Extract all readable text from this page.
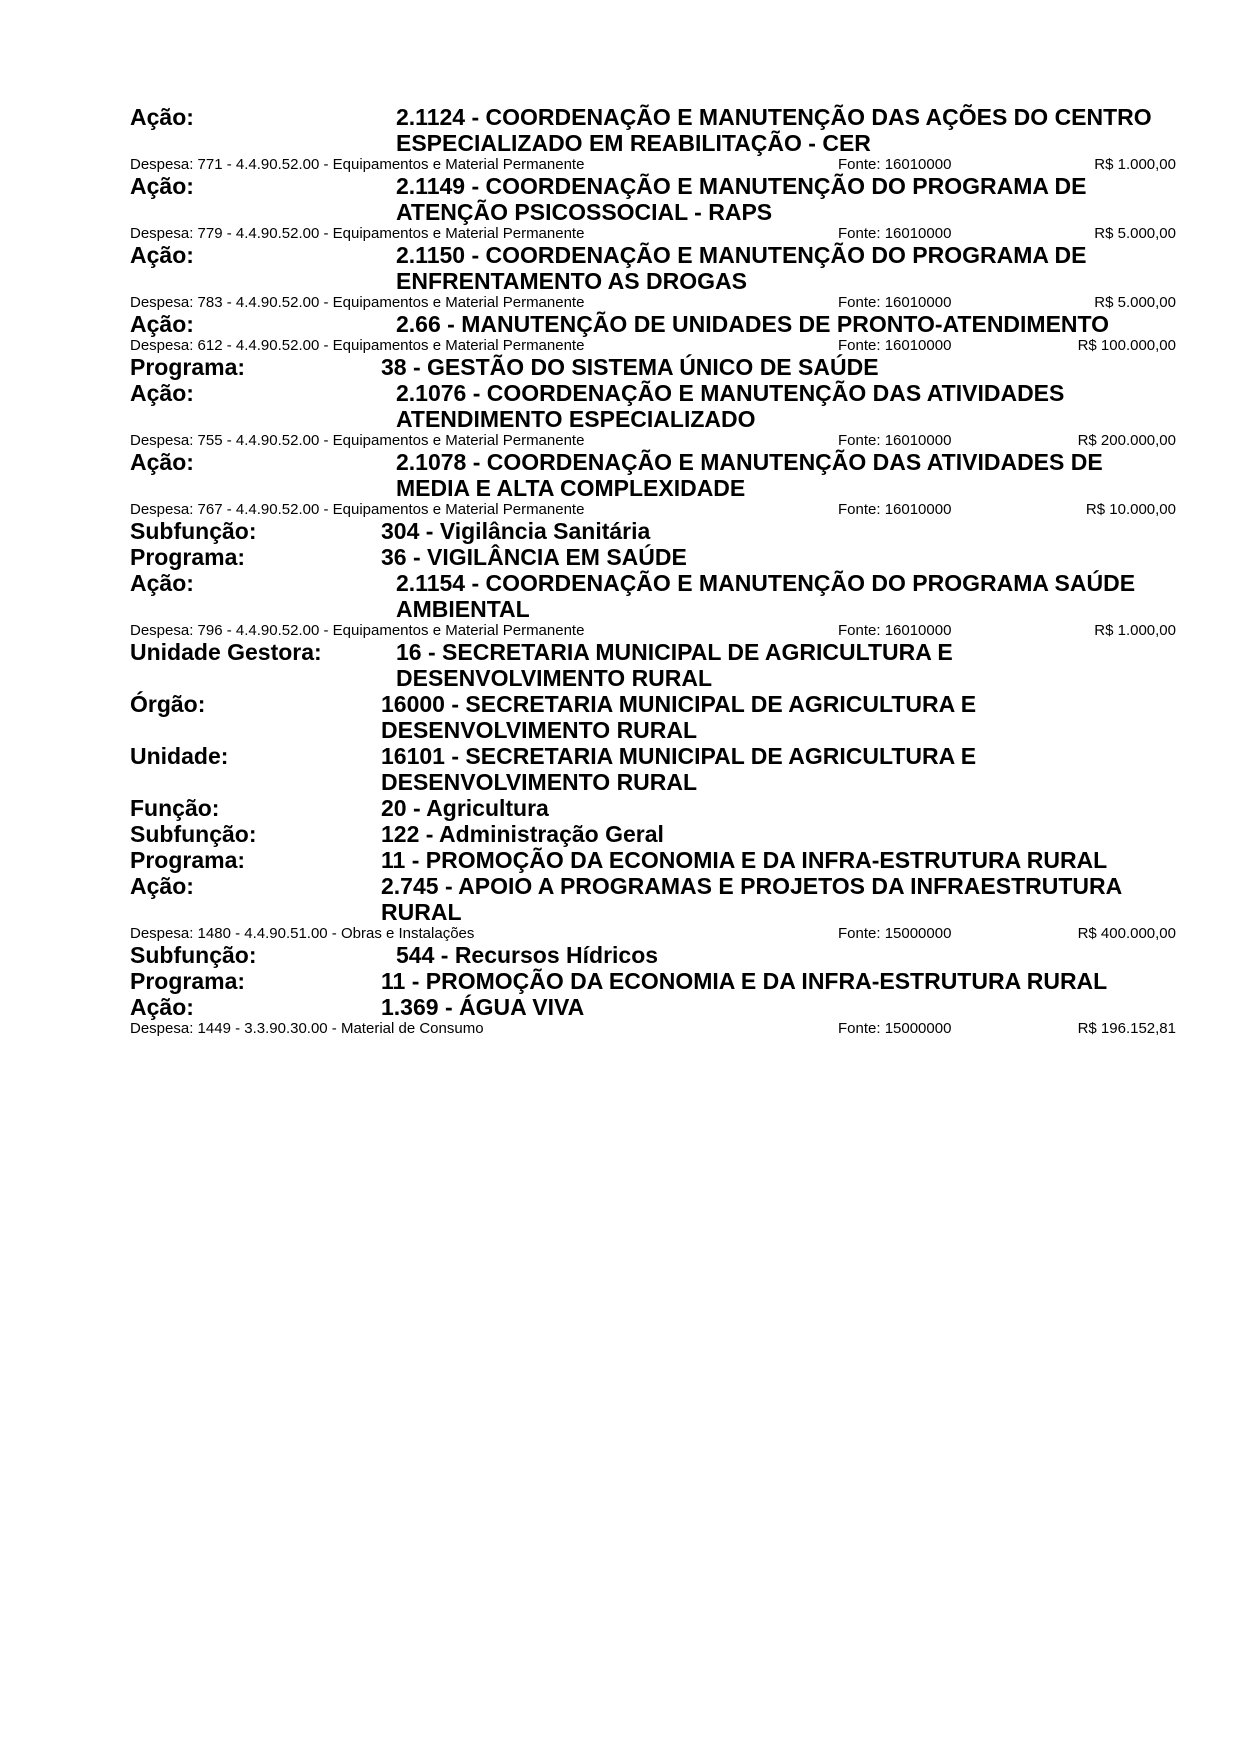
Ação:	2.1124 - COORDENAÇÃO E MANUTENÇÃO DAS AÇÕES DO CENTRO ESPECIALIZADO EM REABILITAÇÃO - CER
Despesa: 771 - 4.4.90.52.00 - Equipamentos e Material Permanente	Fonte: 16010000	R$ 1.000,00
Ação:	2.1149 - COORDENAÇÃO E MANUTENÇÃO DO PROGRAMA DE ATENÇÃO PSICOSSOCIAL - RAPS
Despesa: 779 - 4.4.90.52.00 - Equipamentos e Material Permanente	Fonte: 16010000	R$ 5.000,00
Ação:	2.1150 - COORDENAÇÃO E MANUTENÇÃO DO PROGRAMA DE ENFRENTAMENTO AS DROGAS
Despesa: 783 - 4.4.90.52.00 - Equipamentos e Material Permanente	Fonte: 16010000	R$ 5.000,00
Ação:	2.66 - MANUTENÇÃO DE UNIDADES DE PRONTO-ATENDIMENTO
Despesa: 612 - 4.4.90.52.00 - Equipamentos e Material Permanente	Fonte: 16010000	R$ 100.000,00
Programa:	38 - GESTÃO DO SISTEMA ÚNICO DE SAÚDE
Ação:	2.1076 - COORDENAÇÃO E MANUTENÇÃO DAS ATIVIDADES ATENDIMENTO ESPECIALIZADO
Despesa: 755 - 4.4.90.52.00 - Equipamentos e Material Permanente	Fonte: 16010000	R$ 200.000,00
Ação:	2.1078 - COORDENAÇÃO E MANUTENÇÃO DAS ATIVIDADES DE MEDIA E ALTA COMPLEXIDADE
Despesa: 767 - 4.4.90.52.00 - Equipamentos e Material Permanente	Fonte: 16010000	R$ 10.000,00
Subfunção:	304 - Vigilância Sanitária
Programa:	36 - VIGILÂNCIA EM SAÚDE
Ação:	2.1154 - COORDENAÇÃO E MANUTENÇÃO DO PROGRAMA SAÚDE AMBIENTAL
Despesa: 796 - 4.4.90.52.00 - Equipamentos e Material Permanente	Fonte: 16010000	R$ 1.000,00
Unidade Gestora:	16 - SECRETARIA MUNICIPAL DE AGRICULTURA E DESENVOLVIMENTO RURAL
Órgão:	16000 - SECRETARIA MUNICIPAL DE AGRICULTURA E DESENVOLVIMENTO RURAL
Unidade:	16101 - SECRETARIA MUNICIPAL DE AGRICULTURA E DESENVOLVIMENTO RURAL
Função:	20 - Agricultura
Subfunção:	122 - Administração Geral
Programa:	11 - PROMOÇÃO DA ECONOMIA E DA INFRA-ESTRUTURA RURAL
Ação:	2.745 - APOIO A PROGRAMAS E PROJETOS DA INFRAESTRUTURA RURAL
Despesa: 1480 - 4.4.90.51.00 - Obras e Instalações	Fonte: 15000000	R$ 400.000,00
Subfunção:	544 - Recursos Hídricos
Programa:	11 - PROMOÇÃO DA ECONOMIA E DA INFRA-ESTRUTURA RURAL
Ação:	1.369 - ÁGUA VIVA
Despesa: 1449 - 3.3.90.30.00 - Material de Consumo	Fonte: 15000000	R$ 196.152,81
